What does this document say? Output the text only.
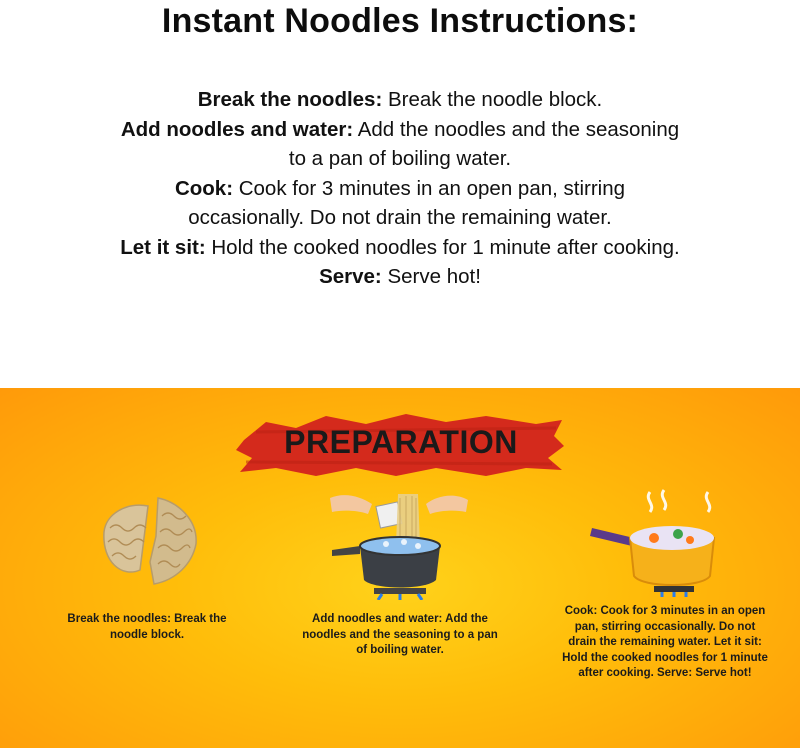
Instant Noodles Instructions:
Break the noodles: Break the noodle block.
Add noodles and water: Add the noodles and the seasoning to a pan of boiling water.
Cook: Cook for 3 minutes in an open pan, stirring occasionally. Do not drain the remaining water.
Let it sit: Hold the cooked noodles for 1 minute after cooking.
Serve: Serve hot!
PREPARATION
Break the noodles: Break the noodle block.
Add noodles and water: Add the noodles and the seasoning to a pan of boiling water.
Cook: Cook for 3 minutes in an open pan, stirring occasionally. Do not drain the remaining water. Let it sit: Hold the cooked noodles for 1 minute after cooking. Serve: Serve hot!
